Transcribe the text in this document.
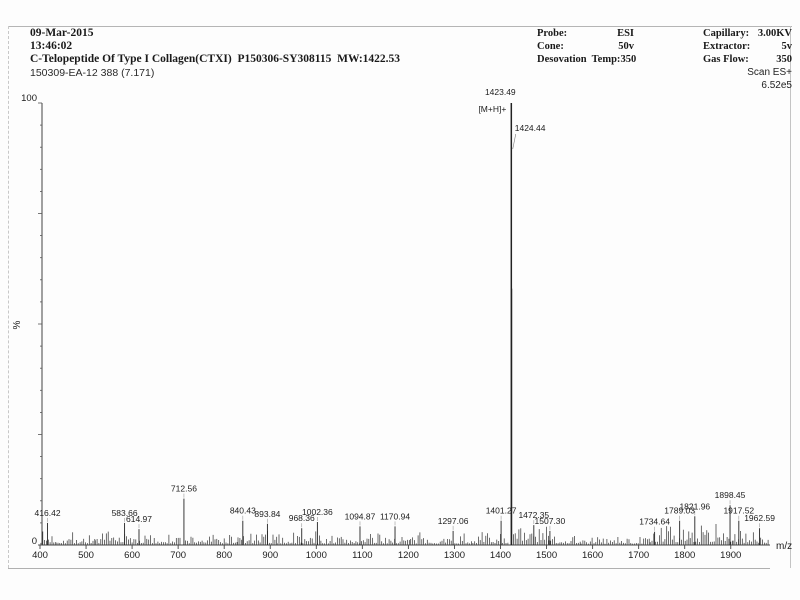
09-Mar-2015
13:46:02
C-Telopeptide Of Type I Collagen(CTXI)  P150306-SY308115  MW:1422.53
150309-EA-12 388 (7.171)
Probe:	ESI
Cone:	50v
Desovation  Temp: 350
Capillary: 3.00KV
Extractor:	5v
Gas Flow:	350
Scan ES+
6.52e5
400	500	600	700	800	900	1000	1100	1200	1300	1400	1500	1600	1700	1800	1900
100
0
%
m/z
416.42	583.66
614.97
712.56
840.43
893.84 968.36
1002.36 1094.87 1170.94	1297.06
1401.27
1423.49
1424.44
1472.35
1507.30	1734.64
1789.03
1821.96
1898.45
1917.52
1962.59
[M+H]+
